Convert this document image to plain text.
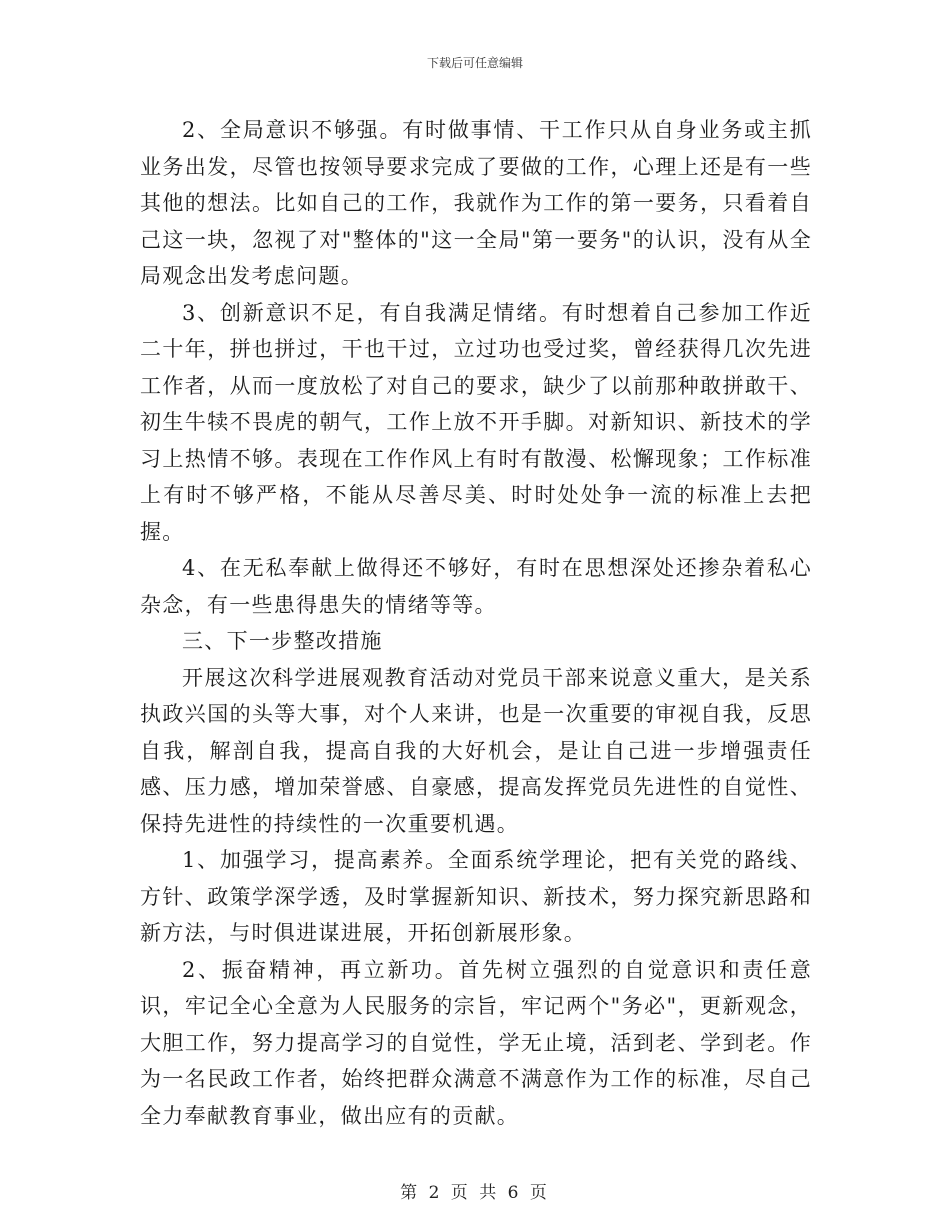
下载后可任意编辑

2、全局意识不够强。有时做事情、干工作只从自身业务或主抓业务出发，尽管也按领导要求完成了要做的工作，心理上还是有一些其他的想法。比如自己的工作，我就作为工作的第一要务，只看着自己这一块，忽视了对"整体的"这一全局"第一要务"的认识，没有从全局观念出发考虑问题。

3、创新意识不足，有自我满足情绪。有时想着自己参加工作近二十年，拼也拼过，干也干过，立过功也受过奖，曾经获得几次先进工作者，从而一度放松了对自己的要求，缺少了以前那种敢拼敢干、初生牛犊不畏虎的朝气，工作上放不开手脚。对新知识、新技术的学习上热情不够。表现在工作作风上有时有散漫、松懈现象；工作标准上有时不够严格，不能从尽善尽美、时时处处争一流的标准上去把握。

4、在无私奉献上做得还不够好，有时在思想深处还掺杂着私心杂念，有一些患得患失的情绪等等。

三、下一步整改措施

开展这次科学进展观教育活动对党员干部来说意义重大，是关系执政兴国的头等大事，对个人来讲，也是一次重要的审视自我，反思自我，解剖自我，提高自我的大好机会，是让自己进一步增强责任感、压力感，增加荣誉感、自豪感，提高发挥党员先进性的自觉性、保持先进性的持续性的一次重要机遇。

1、加强学习，提高素养。全面系统学理论，把有关党的路线、方针、政策学深学透，及时掌握新知识、新技术，努力探究新思路和新方法，与时俱进谋进展，开拓创新展形象。

2、振奋精神，再立新功。首先树立强烈的自觉意识和责任意识，牢记全心全意为人民服务的宗旨，牢记两个"务必"，更新观念，大胆工作，努力提高学习的自觉性，学无止境，活到老、学到老。作为一名民政工作者，始终把群众满意不满意作为工作的标准，尽自己全力奉献教育事业，做出应有的贡献。

第 2 页 共 6 页
